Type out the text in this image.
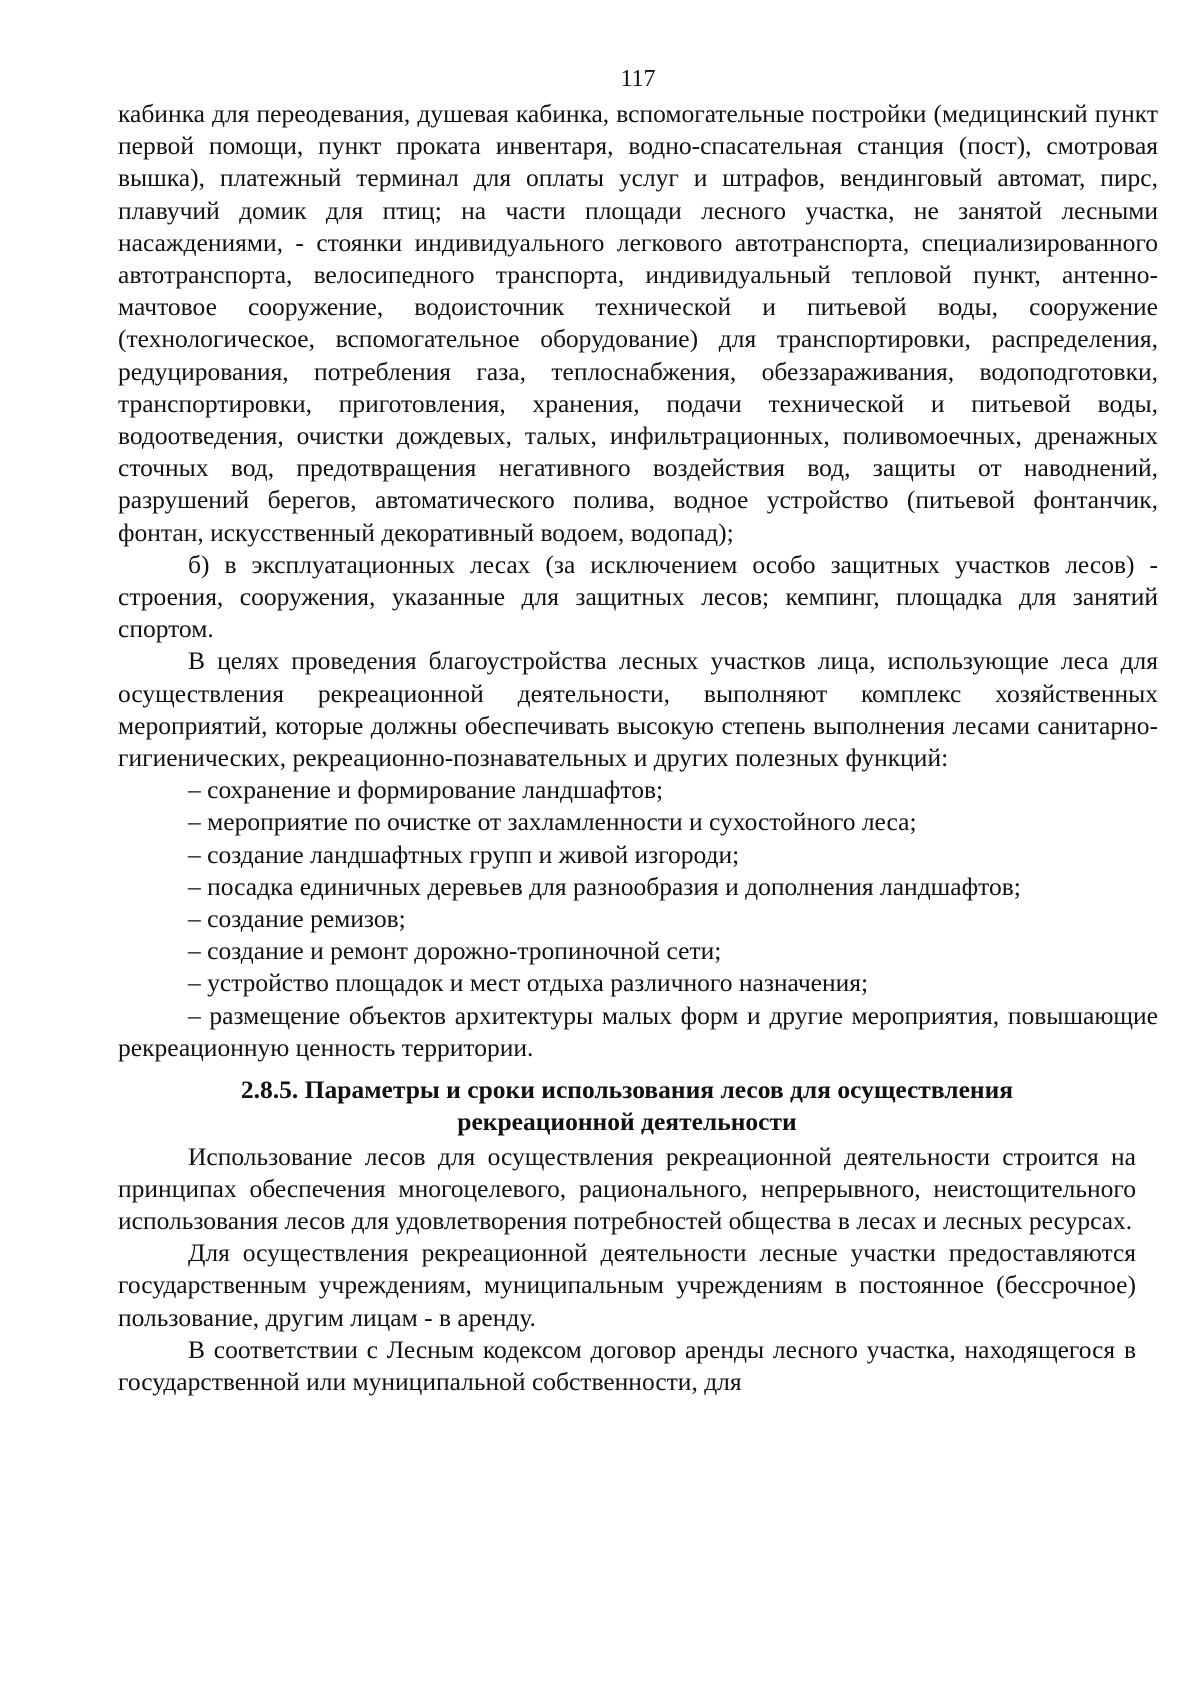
117

кабинка для переодевания, душевая кабинка, вспомогательные постройки (медицинский пункт первой помощи, пункт проката инвентаря, водно-спасательная станция (пост), смотровая вышка), платежный терминал для оплаты услуг и штрафов, вендинговый автомат, пирс, плавучий домик для птиц; на части площади лесного участка, не занятой лесными насаждениями, - стоянки индивидуального легкового автотранспорта, специализированного автотранспорта, велосипедного транспорта, индивидуальный тепловой пункт, антенно-мачтовое сооружение, водоисточник технической и питьевой воды, сооружение (технологическое, вспомогательное оборудование) для транспортировки, распределения, редуцирования, потребления газа, теплоснабжения, обеззараживания, водоподготовки, транспортировки, приготовления, хранения, подачи технической и питьевой воды, водоотведения, очистки дождевых, талых, инфильтрационных, поливомоечных, дренажных сточных вод, предотвращения негативного воздействия вод, защиты от наводнений, разрушений берегов, автоматического полива, водное устройство (питьевой фонтанчик, фонтан, искусственный декоративный водоем, водопад);

б) в эксплуатационных лесах (за исключением особо защитных участков лесов) - строения, сооружения, указанные для защитных лесов; кемпинг, площадка для занятий спортом.

В целях проведения благоустройства лесных участков лица, использующие леса для осуществления рекреационной деятельности, выполняют комплекс хозяйственных мероприятий, которые должны обеспечивать высокую степень выполнения лесами санитарно-гигиенических, рекреационно-познавательных и других полезных функций:

– сохранение и формирование ландшафтов;

– мероприятие по очистке от захламленности и сухостойного леса;

– создание ландшафтных групп и живой изгороди;

– посадка единичных деревьев для разнообразия и дополнения ландшафтов;

– создание ремизов;

– создание и ремонт дорожно-тропиночной сети;

– устройство площадок и мест отдыха различного назначения;

– размещение объектов архитектуры малых форм и другие мероприятия, повышающие рекреационную ценность территории.

2.8.5. Параметры и сроки использования лесов для осуществления
рекреационной деятельности

Использование лесов для осуществления рекреационной деятельности строится на принципах обеспечения многоцелевого, рационального, непрерывного, неистощительного использования лесов для удовлетворения потребностей общества в лесах и лесных ресурсах.

Для осуществления рекреационной деятельности лесные участки предоставляются государственным учреждениям, муниципальным учреждениям в постоянное (бессрочное) пользование, другим лицам - в аренду.

В соответствии с Лесным кодексом договор аренды лесного участка, находящегося в государственной или муниципальной собственности, для
